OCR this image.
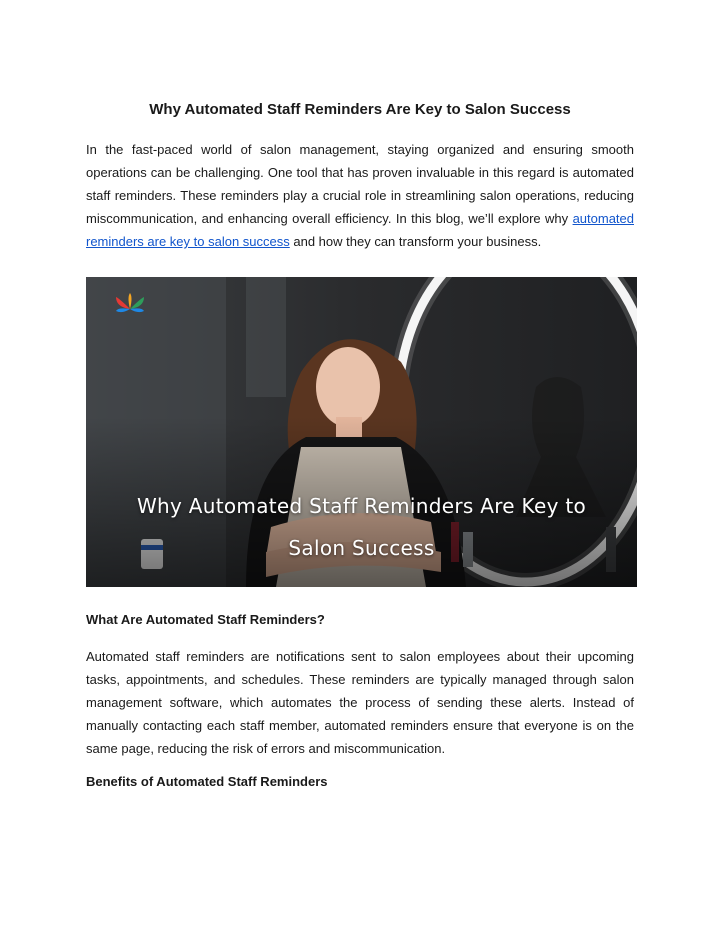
Why Automated Staff Reminders Are Key to Salon Success

In the fast-paced world of salon management, staying organized and ensuring smooth operations can be challenging. One tool that has proven invaluable in this regard is automated staff reminders. These reminders play a crucial role in streamlining salon operations, reducing miscommunication, and enhancing overall efficiency. In this blog, we’ll explore why automated reminders are key to salon success and how they can transform your business.

Why Automated Staff Reminders Are Key to
Salon Success
What Are Automated Staff Reminders?

Automated staff reminders are notifications sent to salon employees about their upcoming tasks, appointments, and schedules. These reminders are typically managed through salon management software, which automates the process of sending these alerts. Instead of manually contacting each staff member, automated reminders ensure that everyone is on the same page, reducing the risk of errors and miscommunication.

Benefits of Automated Staff Reminders
